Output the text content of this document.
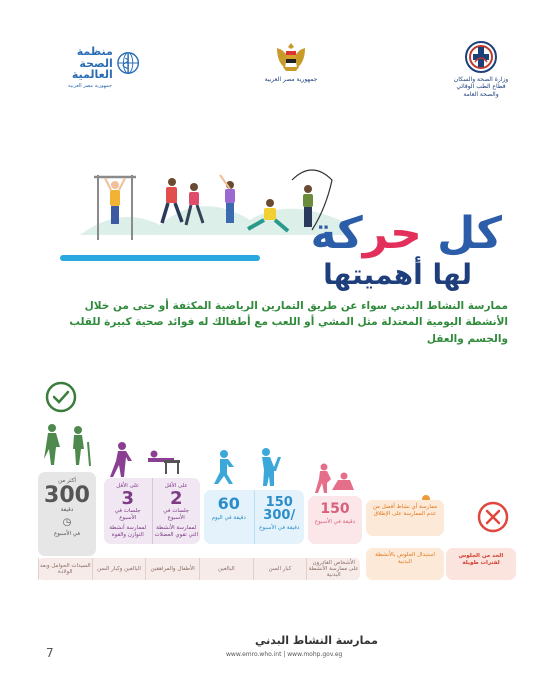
منظمة
الصحة العالمية
جمهورية مصر العربية
جمهورية مصر العربية	وزارة الصحة والسكان
قطاع الطب الوقائي
والصحة العامة
كل حركة
لها أهميتها
ممارسة النشاط البدني سواء عن طريق التمارين الرياضية المكثفة أو حتى من خلال الأنشطة اليومية المعتدلة مثل المشي أو اللعب مع أطفالك له فوائد صحية كبيرة للقلب والجسم والعقل
أكثر من
300
دقيقة
◷
في الأسبوع
على الأقل
2
جلسات في الأسبوع
لممارسة الأنشطة التي تقوي العضلات
على الأقل
3
جلسات في الأسبوع
لممارسة أنشطة التوازن والقوة
150 /300
دقيقة في الأسبوع
60
دقيقة في اليوم
150
دقيقة في الأسبوع
ممارسة أي نشاط أفضل من عدم الممارسة على الإطلاق
استبدال الجلوس بالأنشطة البدنية
الحد من الجلوس لفترات طويلة
الأشخاص القادرون على ممارسة الأنشطة البدنية
كبار السن
البالغين
الأطفال والمراهقين
البالغين وكبار السن
السيدات الحوامل وبعد الولادة
ممارسة النشاط البدني
www.emro.who.int | www.mohp.gov.eg
7
